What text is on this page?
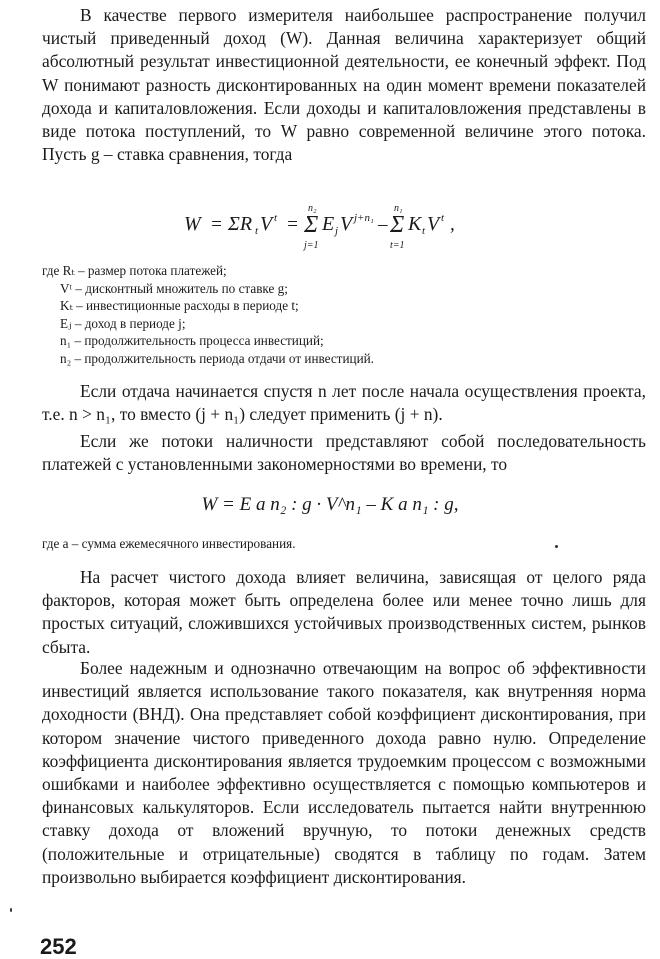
В качестве первого измерителя наибольшее распространение получил чистый приведенный доход (W). Данная величина характеризует общий абсолютный результат инвестиционной деятельности, ее конечный эффект. Под W понимают разность дисконтированных на один момент времени показателей дохода и капиталовложения. Если доходы и капиталовложения представлены в виде потока поступлений, то W равно современной величине этого потока. Пусть g – ставка сравнения, тогда

W = ΣR t V t = Σ
n₂
j=1
E j V j+n₁ – Σ
n₁
t=1
K t V t ,
где Rₜ – размер потока платежей;
Vᵗ – дисконтный множитель по ставке g;
Kₜ – инвестиционные расходы в периоде t;
Eⱼ – доход в периоде j;
n₁ – продолжительность процесса инвестиций;
n₂ – продолжительность периода отдачи от инвестиций.

Если отдача начинается спустя n лет после начала осуществления проекта, т.е. n > n₁, то вместо (j + n₁) следует применить (j + n).

Если же потоки наличности представляют собой последовательность платежей с установленными закономерностями во времени, то

W = E a n₂ : g · V^n₁ – K a n₁ : g,
где a – сумма ежемесячного инвестирования.

На расчет чистого дохода влияет величина, зависящая от целого ряда факторов, которая может быть определена более или менее точно лишь для простых ситуаций, сложившихся устойчивых производственных систем, рынков сбыта.

Более надежным и однозначно отвечающим на вопрос об эффективности инвестиций является использование такого показателя, как внутренняя норма доходности (ВНД). Она представляет собой коэффициент дисконтирования, при котором значение чистого приведенного дохода равно нулю. Определение коэффициента дисконтирования является трудоемким процессом с возможными ошибками и наиболее эффективно осуществляется с помощью компьютеров и финансовых калькуляторов. Если исследователь пытается найти внутреннюю ставку дохода от вложений вручную, то потоки денежных средств (положительные и отрицательные) сводятся в таблицу по годам. Затем произвольно выбирается коэффициент дисконтирования.

252
